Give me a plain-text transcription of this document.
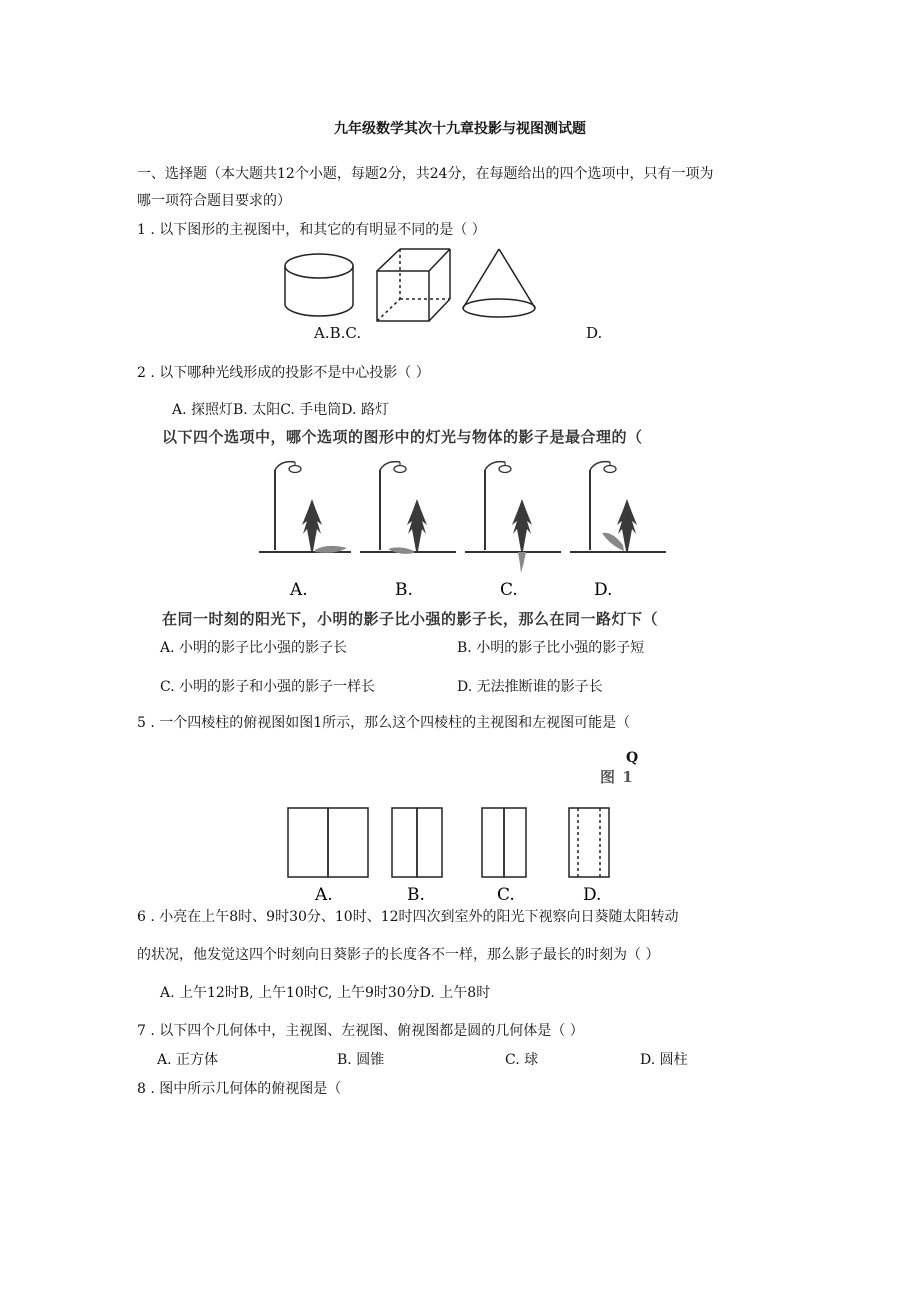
九年级数学其次十九章投影与视图测试题
一、选择题（本大题共12个小题，每题2分，共24分，在每题给出的四个选项中，只有一项为
哪一项符合题目要求的）
1 . 以下图形的主视图中，和其它的有明显不同的是（ ）
A.B.C.	D.
2 . 以下哪种光线形成的投影不是中心投影（ ）
A. 探照灯B. 太阳C. 手电筒D. 路灯
以下四个选项中，哪个选项的图形中的灯光与物体的影子是最合理的（
A.	B.	C.	D.
在同一时刻的阳光下，小明的影子比小强的影子长，那么在同一路灯下（
A. 小明的影子比小强的影子长	B. 小明的影子比小强的影子短
C. 小明的影子和小强的影子一样长	D. 无法推断谁的影子长
5 . 一个四棱柱的俯视图如图1所示，那么这个四棱柱的主视图和左视图可能是（
Q
图 1
A.	B.	C.	D.
6 . 小亮在上午8时、9时30分、10时、12时四次到室外的阳光下视察向日葵随太阳转动
的状况，他发觉这四个时刻向日葵影子的长度各不一样，那么影子最长的时刻为（ ）
A. 上午12时B, 上午10时C, 上午9时30分D. 上午8时
7 . 以下四个几何体中，主视图、左视图、俯视图都是圆的几何体是（ ）
A. 正方体	B. 圆锥	C. 球	D. 圆柱
8 . 图中所示几何体的俯视图是（
